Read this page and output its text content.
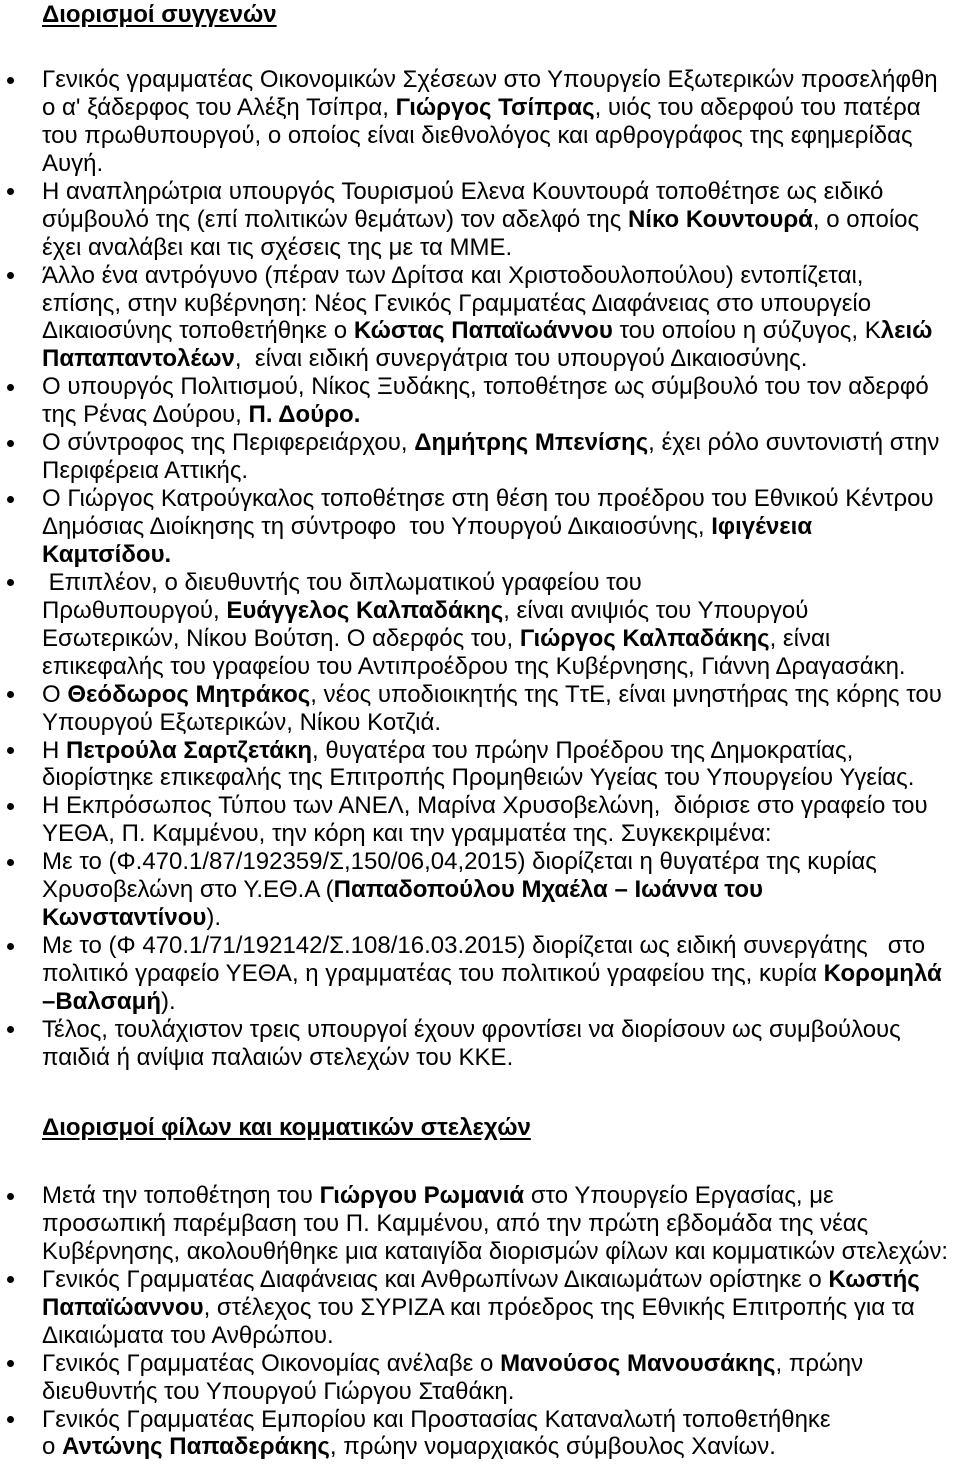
Διορισμοί συγγενών
Γενικός γραμματέας Οικονομικών Σχέσεων στο Υπουργείο Εξωτερικών προσελήφθη
ο α' ξάδερφος του Αλέξη Τσίπρα, Γιώργος Τσίπρας, υιός του αδερφού του πατέρα
του πρωθυπουργού, ο οποίος είναι διεθνολόγος και αρθρογράφος της εφημερίδας
Αυγή.
Η αναπληρώτρια υπουργός Τουρισμού Ελενα Κουντουρά τοποθέτησε ως ειδικό
σύμβουλό της (επί πολιτικών θεμάτων) τον αδελφό της Νίκο Κουντουρά, ο οποίος
έχει αναλάβει και τις σχέσεις της με τα ΜΜΕ.
Άλλο ένα αντρόγυνο (πέραν των Δρίτσα και Χριστοδουλοπούλου) εντοπίζεται,
επίσης, στην κυβέρνηση: Νέος Γενικός Γραμματέας Διαφάνειας στο υπουργείο
Δικαιοσύνης τοποθετήθηκε ο Κώστας Παπαϊωάννου του οποίου η σύζυγος, Κλειώ
Παπαπαντολέων,  είναι ειδική συνεργάτρια του υπουργού Δικαιοσύνης.
Ο υπουργός Πολιτισμού, Νίκος Ξυδάκης, τοποθέτησε ως σύμβουλό του τον αδερφό
της Ρένας Δούρου, Π. Δούρο.
Ο σύντροφος της Περιφερειάρχου, Δημήτρης Μπενίσης, έχει ρόλο συντονιστή στην
Περιφέρεια Αττικής.
Ο Γιώργος Κατρούγκαλος τοποθέτησε στη θέση του προέδρου του Εθνικού Κέντρου
Δημόσιας Διοίκησης τη σύντροφο  του Υπουργού Δικαιοσύνης, Ιφιγένεια
Καμτσίδου.
Επιπλέον, ο διευθυντής του διπλωματικού γραφείου του
Πρωθυπουργού, Ευάγγελος Καλπαδάκης, είναι ανιψιός του Υπουργού
Εσωτερικών, Νίκου Βούτση. Ο αδερφός του, Γιώργος Καλπαδάκης, είναι
επικεφαλής του γραφείου του Αντιπροέδρου της Κυβέρνησης, Γιάννη Δραγασάκη.
Ο Θεόδωρος Μητράκος, νέος υποδιοικητής της ΤτΕ, είναι μνηστήρας της κόρης του
Υπουργού Εξωτερικών, Νίκου Κοτζιά.
Η Πετρούλα Σαρτζετάκη, θυγατέρα του πρώην Προέδρου της Δημοκρατίας,
διορίστηκε επικεφαλής της Επιτροπής Προμηθειών Υγείας του Υπουργείου Υγείας.
Η Εκπρόσωπος Τύπου των ΑΝΕΛ, Μαρίνα Χρυσοβελώνη,  διόρισε στο γραφείο του
ΥΕΘΑ, Π. Καμμένου, την κόρη και την γραμματέα της. Συγκεκριμένα:
Με το (Φ.470.1/87/192359/Σ,150/06,04,2015) διορίζεται η θυγατέρα της κυρίας
Χρυσοβελώνη στο Υ.ΕΘ.Α (Παπαδοπούλου Μχαέλα – Ιωάννα του
Κωνσταντίνου).
Με το (Φ 470.1/71/192142/Σ.108/16.03.2015) διορίζεται ως ειδική συνεργάτης   στο
πολιτικό γραφείο ΥΕΘΑ, η γραμματέας του πολιτικού γραφείου της, κυρία Κορομηλά
–Βαλσαμή).
Τέλος, τουλάχιστον τρεις υπουργοί έχουν φροντίσει να διορίσουν ως συμβούλους
παιδιά ή ανίψια παλαιών στελεχών του ΚΚΕ.
Διορισμοί φίλων και κομματικών στελεχών
Μετά την τοποθέτηση του Γιώργου Ρωμανιά στο Υπουργείο Εργασίας, με
προσωπική παρέμβαση του Π. Καμμένου, από την πρώτη εβδομάδα της νέας
Κυβέρνησης, ακολουθήθηκε μια καταιγίδα διορισμών φίλων και κομματικών στελεχών:
Γενικός Γραμματέας Διαφάνειας και Ανθρωπίνων Δικαιωμάτων ορίστηκε ο Κωστής
Παπαϊώαννου, στέλεχος του ΣΥΡΙΖΑ και πρόεδρος της Εθνικής Επιτροπής για τα
Δικαιώματα του Ανθρώπου.
Γενικός Γραμματέας Οικονομίας ανέλαβε ο Μανούσος Μανουσάκης, πρώην
διευθυντής του Υπουργού Γιώργου Σταθάκη.
Γενικός Γραμματέας Εμπορίου και Προστασίας Καταναλωτή τοποθετήθηκε
ο Αντώνης Παπαδεράκης, πρώην νομαρχιακός σύμβουλος Χανίων.
